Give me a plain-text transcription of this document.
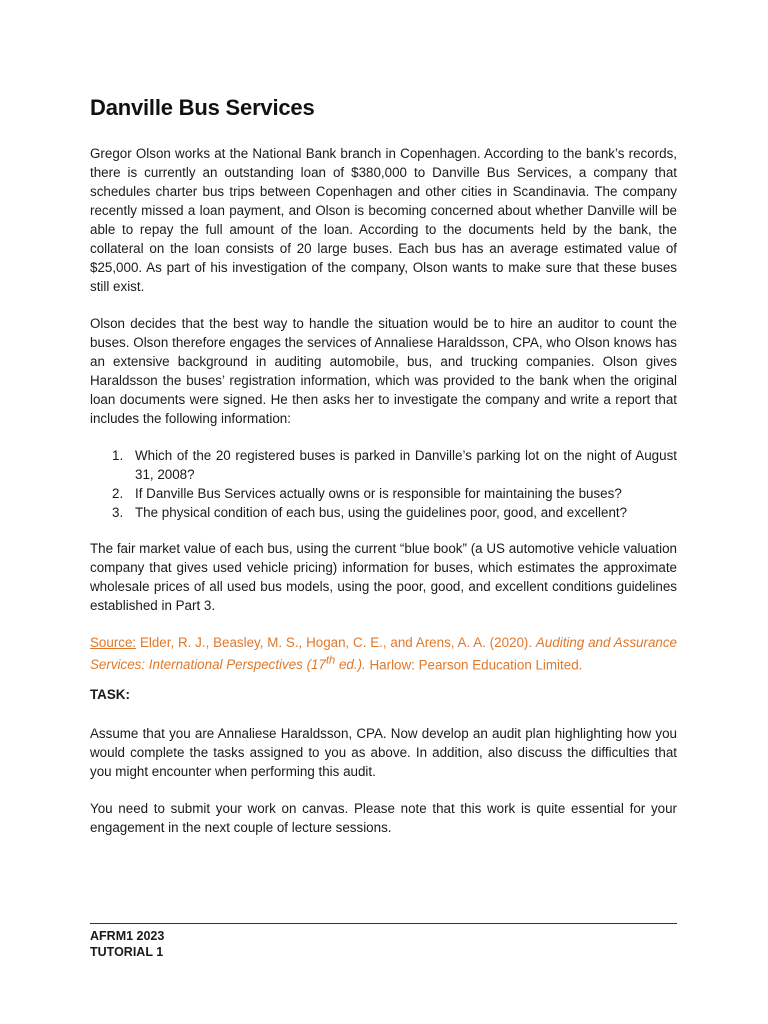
Danville Bus Services

Gregor Olson works at the National Bank branch in Copenhagen. According to the bank’s records, there is currently an outstanding loan of $380,000 to Danville Bus Services, a company that schedules charter bus trips between Copenhagen and other cities in Scandinavia. The company recently missed a loan payment, and Olson is becoming concerned about whether Danville will be able to repay the full amount of the loan. According to the documents held by the bank, the collateral on the loan consists of 20 large buses. Each bus has an average estimated value of $25,000. As part of his investigation of the company, Olson wants to make sure that these buses still exist.

Olson decides that the best way to handle the situation would be to hire an auditor to count the buses. Olson therefore engages the services of Annaliese Haraldsson, CPA, who Olson knows has an extensive background in auditing automobile, bus, and trucking companies. Olson gives Haraldsson the buses’ registration information, which was provided to the bank when the original loan documents were signed. He then asks her to investigate the company and write a report that includes the following information:

1. Which of the 20 registered buses is parked in Danville’s parking lot on the night of August 31, 2008?
2. If Danville Bus Services actually owns or is responsible for maintaining the buses?
3. The physical condition of each bus, using the guidelines poor, good, and excellent?

The fair market value of each bus, using the current “blue book” (a US automotive vehicle valuation company that gives used vehicle pricing) information for buses, which estimates the approximate wholesale prices of all used bus models, using the poor, good, and excellent conditions guidelines established in Part 3.

Source: Elder, R. J., Beasley, M. S., Hogan, C. E., and Arens, A. A. (2020). Auditing and Assurance Services: International Perspectives (17th ed.). Harlow: Pearson Education Limited.

TASK:

Assume that you are Annaliese Haraldsson, CPA. Now develop an audit plan highlighting how you would complete the tasks assigned to you as above. In addition, also discuss the difficulties that you might encounter when performing this audit.

You need to submit your work on canvas. Please note that this work is quite essential for your engagement in the next couple of lecture sessions.

AFRM1 2023
TUTORIAL 1
